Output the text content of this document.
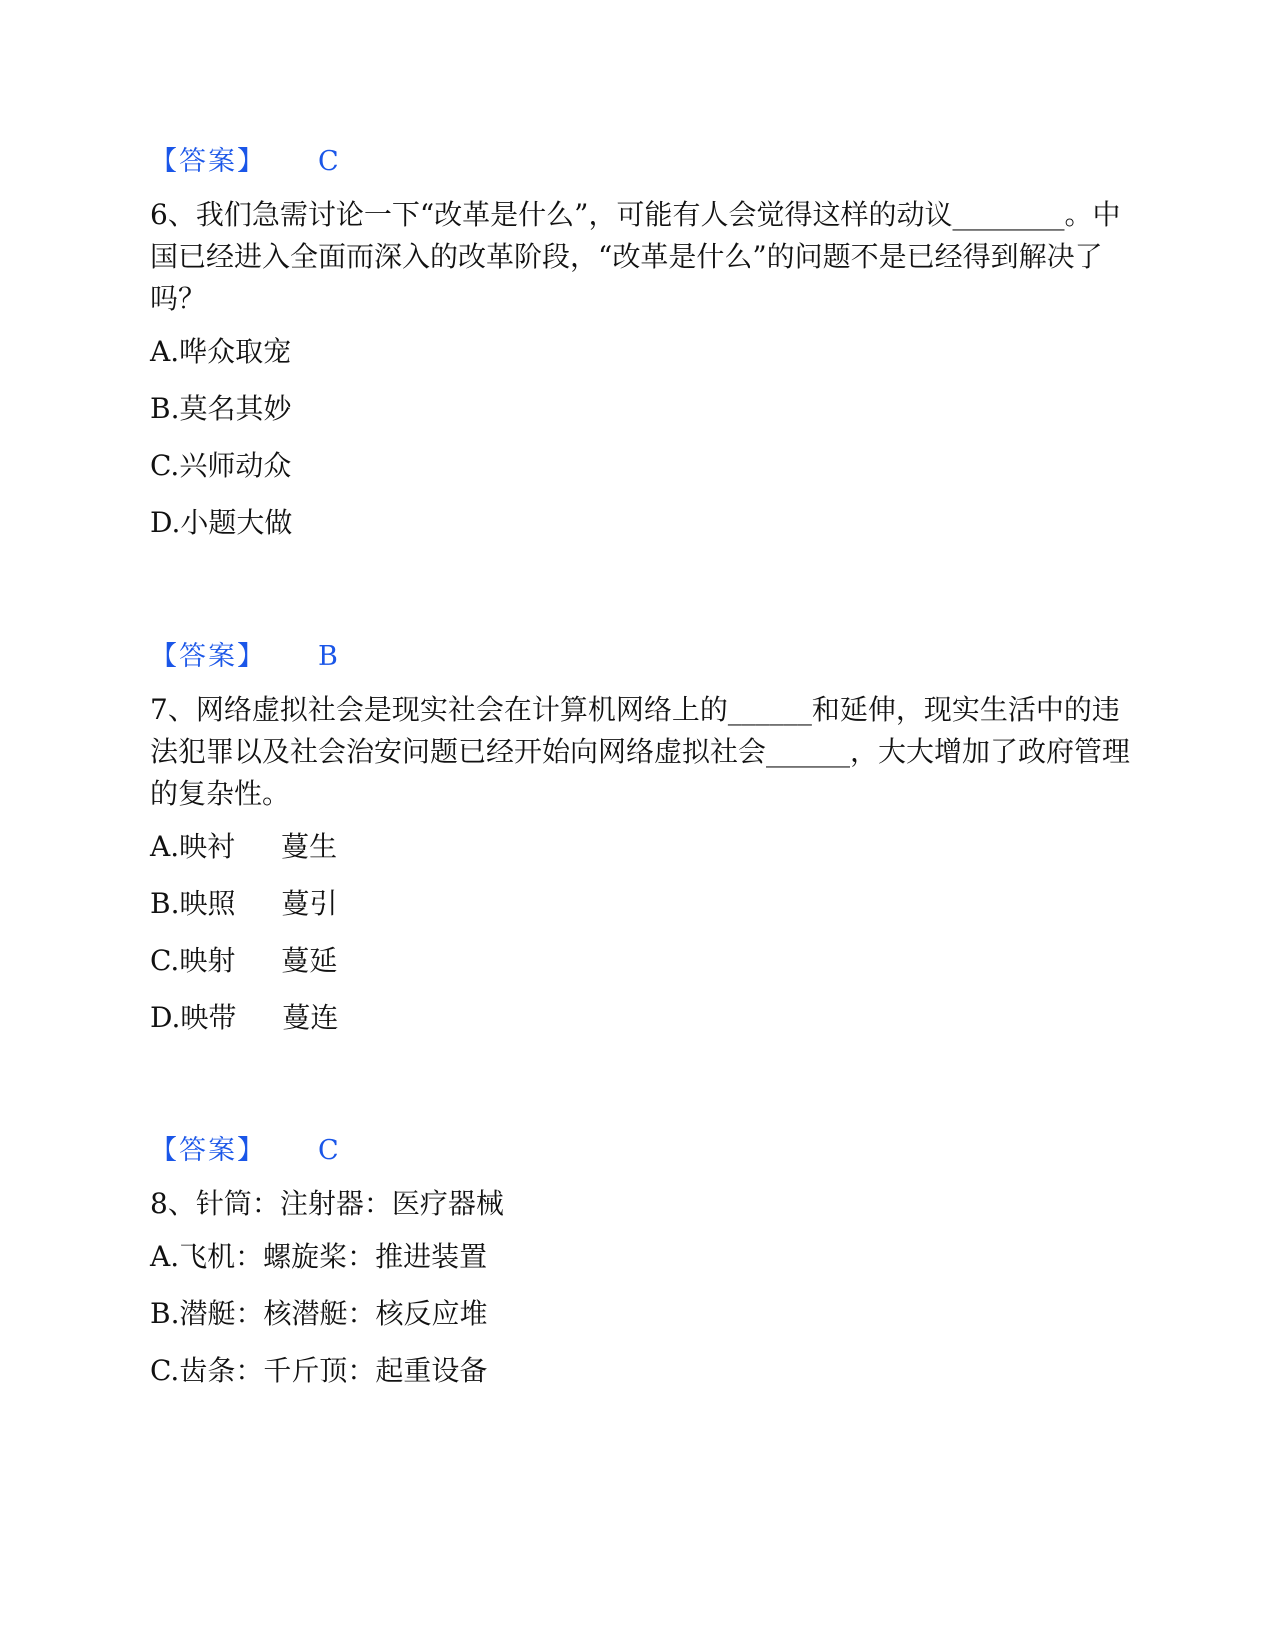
【答案】 C
6、我们急需讨论一下“改革是什么”，可能有人会觉得这样的动议________。中国已经进入全面而深入的改革阶段，“改革是什么”的问题不是已经得到解决了吗？
A.哗众取宠
B.莫名其妙
C.兴师动众
D.小题大做
【答案】 B
7、网络虚拟社会是现实社会在计算机网络上的______和延伸，现实生活中的违法犯罪以及社会治安问题已经开始向网络虚拟社会______，大大增加了政府管理的复杂性。
A.映衬 蔓生
B.映照 蔓引
C.映射 蔓延
D.映带 蔓连
【答案】 C
8、针筒：注射器：医疗器械
A.飞机：螺旋桨：推进装置
B.潜艇：核潜艇：核反应堆
C.齿条：千斤顶：起重设备
